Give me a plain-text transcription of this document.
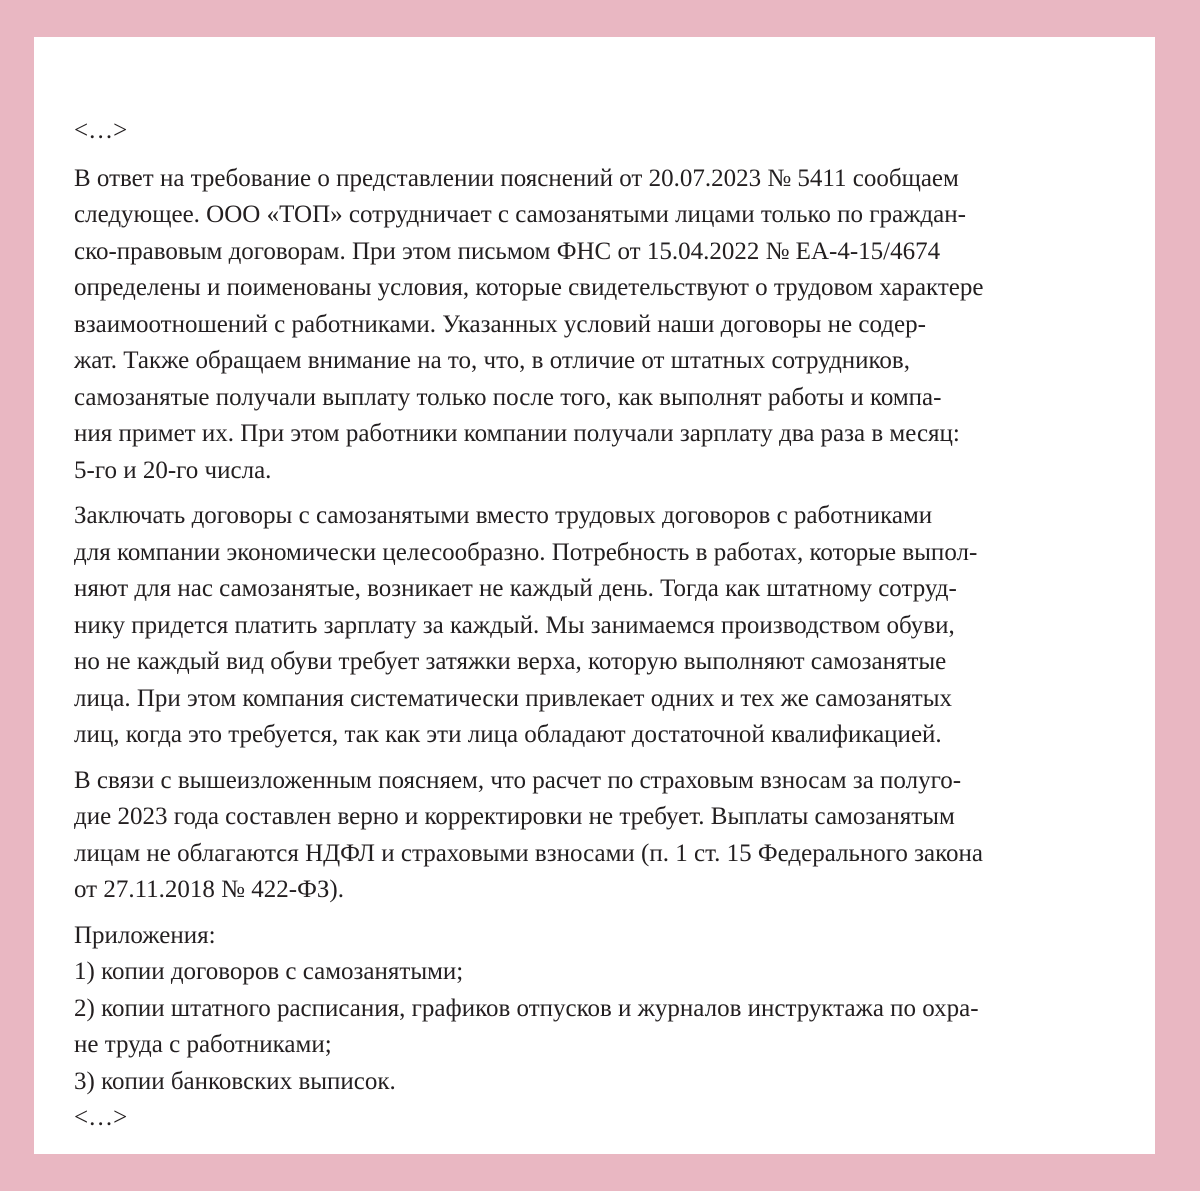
<…>
В ответ на требование о представлении пояснений от 20.07.2023 № 5411 сообщаем
следующее. ООО «ТОП» сотрудничает с самозанятыми лицами только по граждан-
ско-правовым договорам. При этом письмом ФНС от 15.04.2022 № ЕА-4-15/4674
определены и поименованы условия, которые свидетельствуют о трудовом характере
взаимоотношений с работниками. Указанных условий наши договоры не содер-
жат. Также обращаем внимание на то, что, в отличие от штатных сотрудников,
самозанятые получали выплату только после того, как выполнят работы и компа-
ния примет их. При этом работники компании получали зарплату два раза в месяц:
5-го и 20-го числа.
Заключать договоры с самозанятыми вместо трудовых договоров с работниками
для компании экономически целесообразно. Потребность в работах, которые выпол-
няют для нас самозанятые, возникает не каждый день. Тогда как штатному сотруд-
нику придется платить зарплату за каждый. Мы занимаемся производством обуви,
но не каждый вид обуви требует затяжки верха, которую выполняют самозанятые
лица. При этом компания систематически привлекает одних и тех же самозанятых
лиц, когда это требуется, так как эти лица обладают достаточной квалификацией.
В связи с вышеизложенным поясняем, что расчет по страховым взносам за полуго-
дие 2023 года составлен верно и корректировки не требует. Выплаты самозанятым
лицам не облагаются НДФЛ и страховыми взносами (п. 1 ст. 15 Федерального закона
от 27.11.2018 № 422-ФЗ).
Приложения:
1) копии договоров с самозанятыми;
2) копии штатного расписания, графиков отпусков и журналов инструктажа по охра-
не труда с работниками;
3) копии банковских выписок.
<…>
